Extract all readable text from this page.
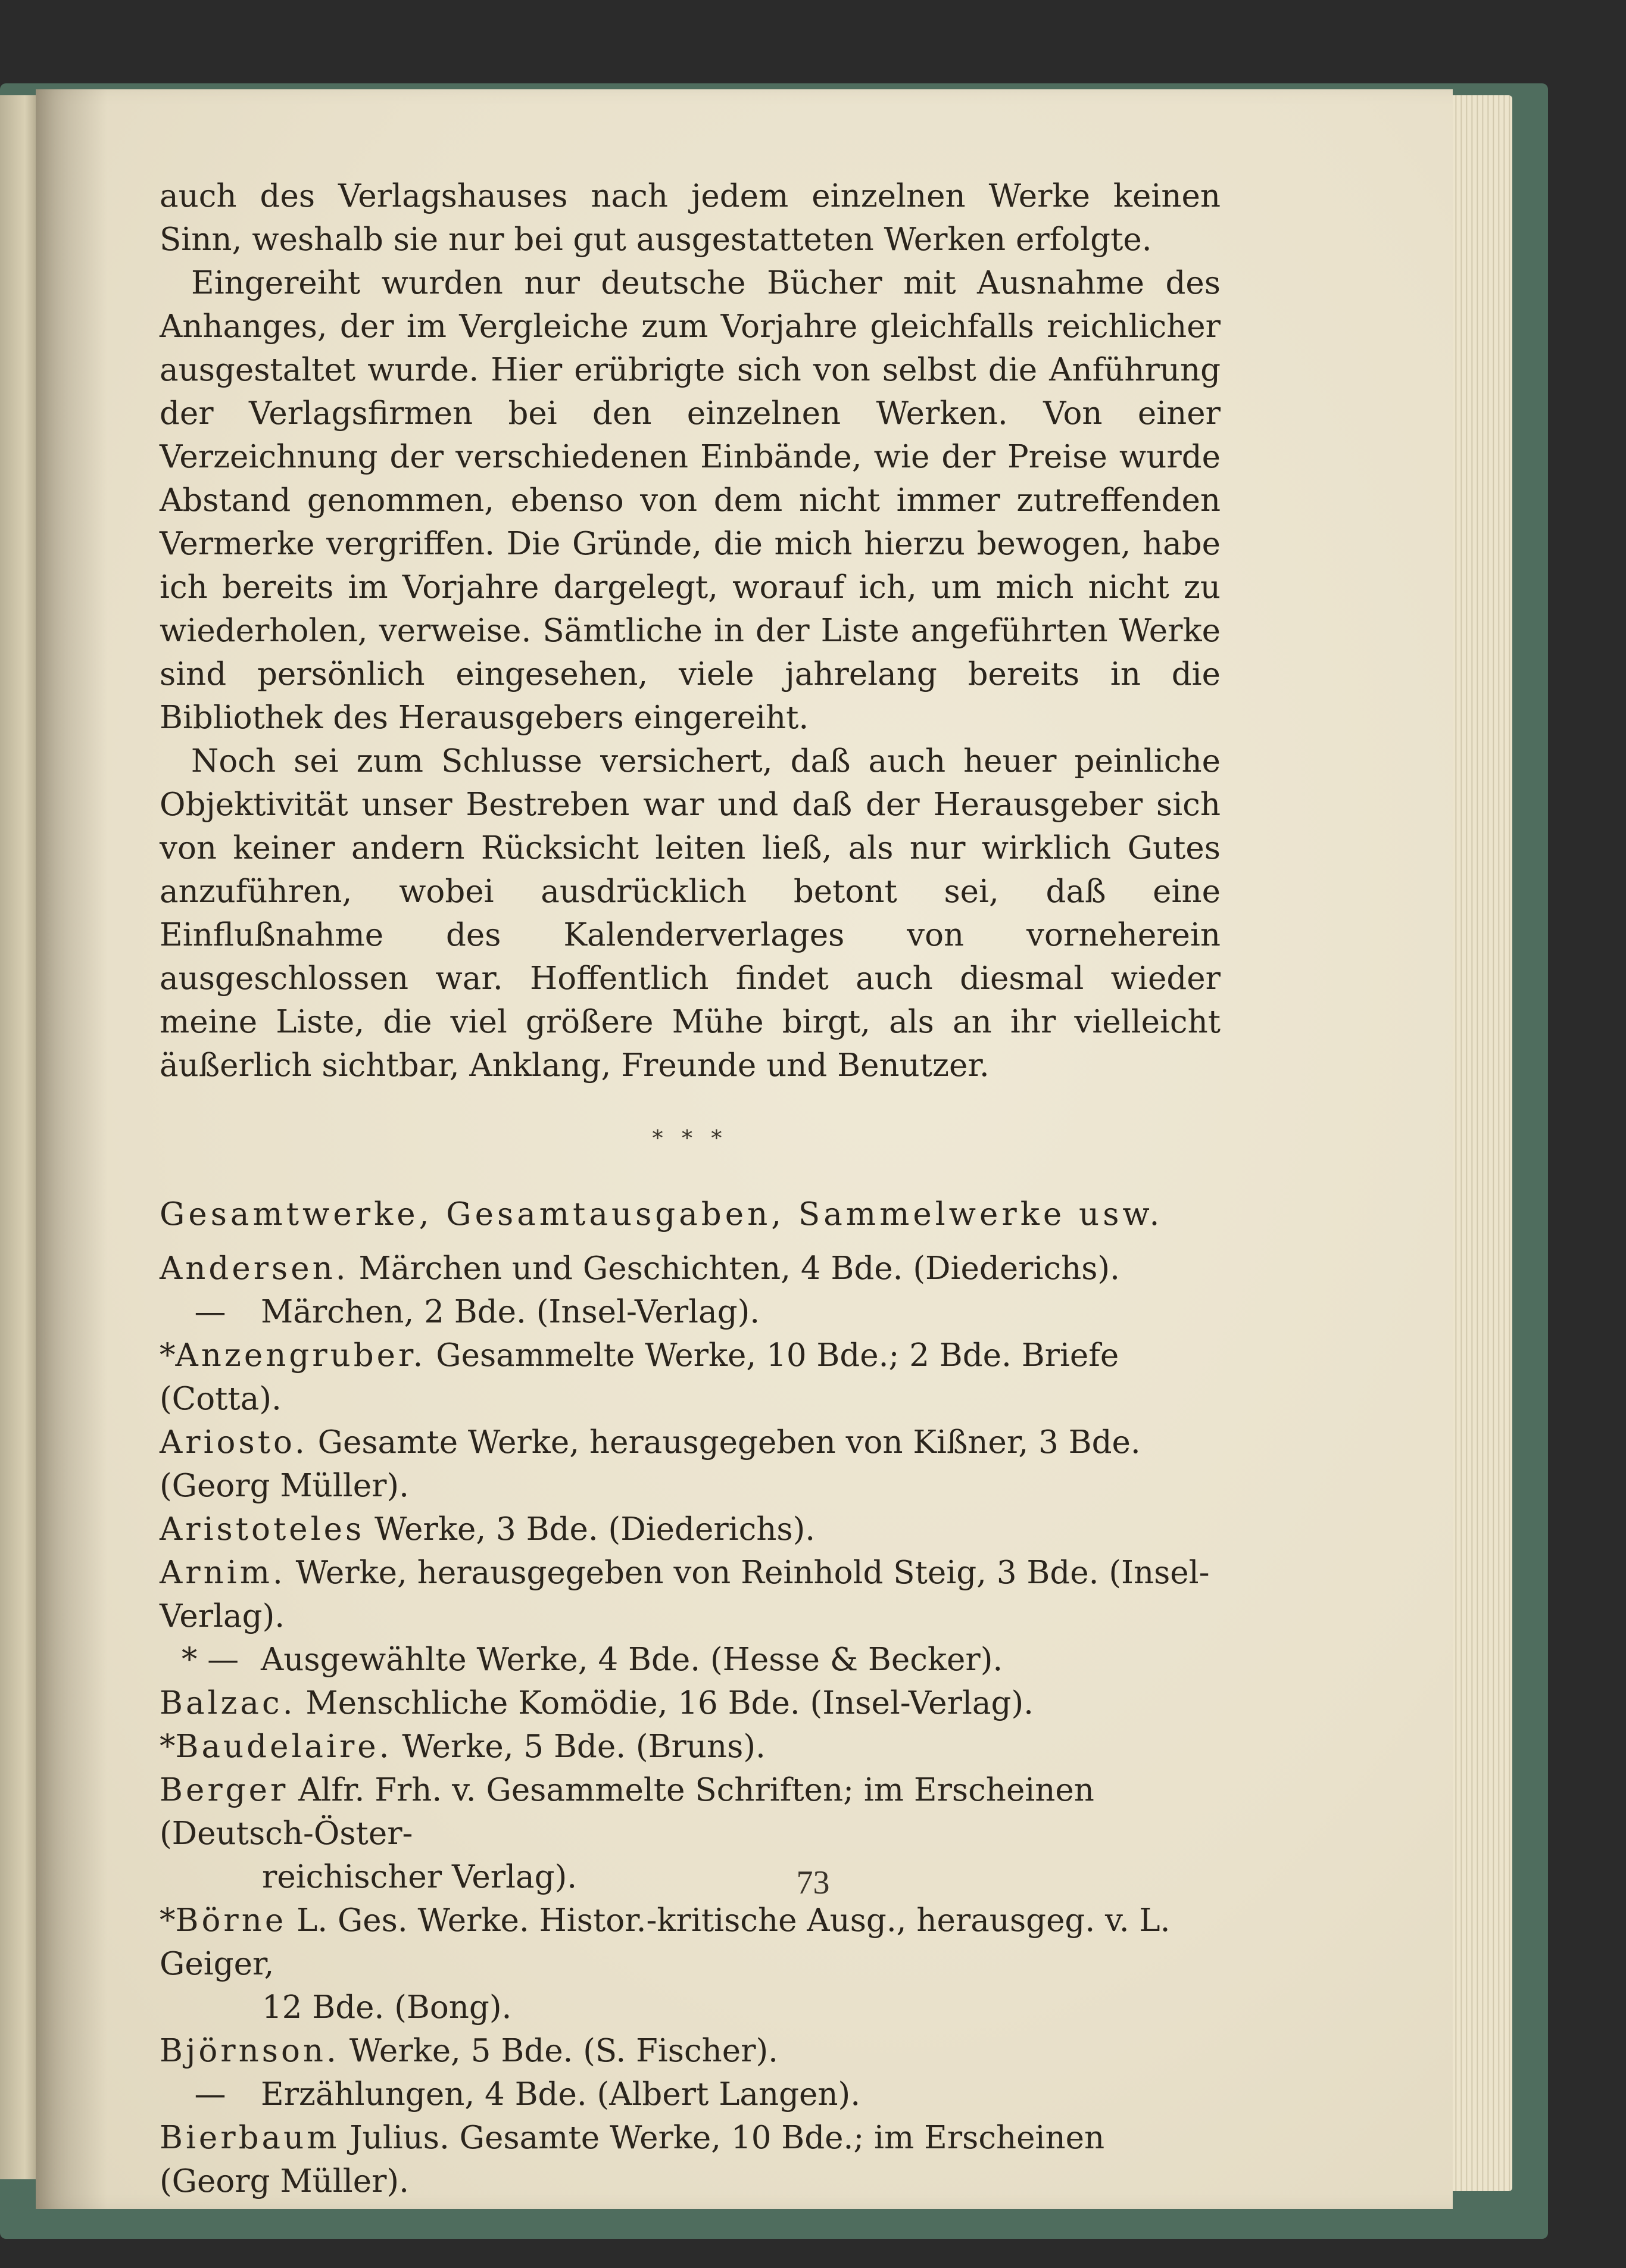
auch des Verlagshauses nach jedem einzelnen Werke keinen Sinn, weshalb sie nur bei gut ausgestatteten Werken erfolgte.

Eingereiht wurden nur deutsche Bücher mit Ausnahme des Anhanges, der im Vergleiche zum Vorjahre gleichfalls reichlicher ausgestaltet wurde. Hier erübrigte sich von selbst die Anführung der Verlagsfirmen bei den einzelnen Werken. Von einer Verzeichnung der verschiedenen Einbände, wie der Preise wurde Abstand genommen, ebenso von dem nicht immer zutreffenden Vermerke vergriffen. Die Gründe, die mich hierzu bewogen, habe ich bereits im Vorjahre dargelegt, worauf ich, um mich nicht zu wiederholen, verweise. Sämtliche in der Liste angeführten Werke sind persönlich eingesehen, viele jahrelang bereits in die Bibliothek des Herausgebers eingereiht.

Noch sei zum Schlusse versichert, daß auch heuer peinliche Objektivität unser Bestreben war und daß der Herausgeber sich von keiner andern Rücksicht leiten ließ, als nur wirklich Gutes anzuführen, wobei ausdrücklich betont sei, daß eine Einflußnahme des Kalenderverlages von vorneherein ausgeschlossen war. Hoffentlich findet auch diesmal wieder meine Liste, die viel größere Mühe birgt, als an ihr vielleicht äußerlich sichtbar, Anklang, Freunde und Benutzer.

* * *
Gesamtwerke, Gesamtausgaben, Sammelwerke usw.
Andersen. Märchen und Geschichten, 4 Bde. (Diederichs).
— Märchen, 2 Bde. (Insel-Verlag).
*Anzengruber. Gesammelte Werke, 10 Bde.; 2 Bde. Briefe (Cotta).
Ariosto. Gesamte Werke, herausgegeben von Kißner, 3 Bde. (Georg Müller).
Aristoteles Werke, 3 Bde. (Diederichs).
Arnim. Werke, herausgegeben von Reinhold Steig, 3 Bde. (Insel-Verlag).
* — Ausgewählte Werke, 4 Bde. (Hesse & Becker).
Balzac. Menschliche Komödie, 16 Bde. (Insel-Verlag).
*Baudelaire. Werke, 5 Bde. (Bruns).
Berger Alfr. Frh. v. Gesammelte Schriften; im Erscheinen (Deutsch-Öster-
reichischer Verlag).
*Börne L. Ges. Werke. Histor.-kritische Ausg., herausgeg. v. L. Geiger,
12 Bde. (Bong).
Björnson. Werke, 5 Bde. (S. Fischer).
— Erzählungen, 4 Bde. (Albert Langen).
Bierbaum Julius. Gesamte Werke, 10 Bde.; im Erscheinen (Georg Müller).
73
